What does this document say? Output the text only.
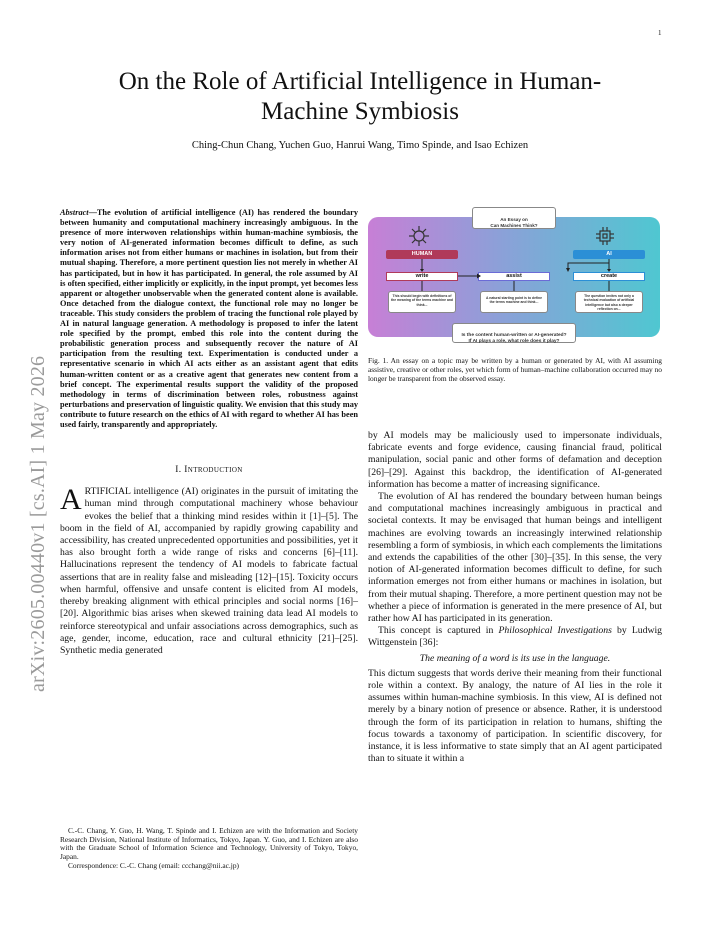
1
arXiv:2605.00440v1 [cs.AI] 1 May 2026
On the Role of Artificial Intelligence in Human-Machine Symbiosis
Ching-Chun Chang, Yuchen Guo, Hanrui Wang, Timo Spinde, and Isao Echizen
Abstract—The evolution of artificial intelligence (AI) has rendered the boundary between humanity and computational machinery increasingly ambiguous. In the presence of more interwoven relationships within human-machine symbiosis, the very notion of AI-generated information becomes difficult to define, as such information arises not from either humans or machines in isolation, but from their mutual shaping. Therefore, a more pertinent question lies not merely in whether AI has participated, but in how it has participated. In general, the role assumed by AI is often specified, either implicitly or explicitly, in the input prompt, yet becomes less apparent or altogether unobservable when the generated content alone is available. Once detached from the dialogue context, the functional role may no longer be traceable. This study considers the problem of tracing the functional role played by AI in natural language generation. A methodology is proposed to infer the latent role specified by the prompt, embed this role into the content during the probabilistic generation process and subsequently recover the nature of AI participation from the resulting text. Experimentation is conducted under a representative scenario in which AI acts either as an assistant agent that edits human-written content or as a creative agent that generates new content from a brief concept. The experimental results support the validity of the proposed methodology in terms of discrimination between roles, robustness against perturbations and preservation of linguistic quality. We envision that this study may contribute to future research on the ethics of AI with regard to whether AI has been used fairly, transparently and appropriately.
I. Introduction

ARTIFICIAL intelligence (AI) originates in the pursuit of imitating the human mind through computational machinery whose behaviour evokes the belief that a thinking mind resides within it [1]–[5]. The boom in the field of AI, accompanied by rapidly growing capability and accessibility, has created unprecedented opportunities and possibilities, yet it has also brought forth a wide range of risks and concerns [6]–[11]. Hallucinations represent the tendency of AI models to fabricate factual assertions that are in reality false and misleading [12]–[15]. Toxicity occurs when harmful, offensive and unsafe content is elicited from AI models, thereby breaking alignment with ethical principles and social norms [16]–[20]. Algorithmic bias arises when skewed training data lead AI models to reinforce stereotypical and unfair associations across demographics, such as age, gender, income, education, race and cultural ethnicity [21]–[25]. Synthetic media generated

C.-C. Chang, Y. Guo, H. Wang, T. Spinde and I. Echizen are with the Information and Society Research Division, National Institute of Informatics, Tokyo, Japan. Y. Guo, and I. Echizen are also with the Graduate School of Information Science and Technology, University of Tokyo, Tokyo, Japan.

Correspondence: C.-C. Chang (email: ccchang@nii.ac.jp)

An Essay on
Can Machines Think?

HUMAN	AI
write	assist	create
This should begin with definitions of the meaning of the terms machine and think...
A natural starting point is to define the terms machine and think...
The question invites not only a technical evaluation of artificial intelligence but also a deeper reflection on...

Is the content human-written or AI-generated?
If AI plays a role, what role does it play?

Fig. 1. An essay on a topic may be written by a human or generated by AI, with AI assuming assistive, creative or other roles, yet which form of human–machine collaboration occurred may no longer be transparent from the observed essay.

by AI models may be maliciously used to impersonate individuals, fabricate events and forge evidence, causing financial fraud, political manipulation, social panic and other forms of defamation and deception [26]–[29]. Against this backdrop, the identification of AI-generated information has become a matter of increasing significance.

The evolution of AI has rendered the boundary between human beings and computational machines increasingly ambiguous in practical and societal contexts. It may be envisaged that human beings and intelligent machines are evolving towards an increasingly interwined relationship resembling a form of symbiosis, in which each complements the limitations and extends the capabilities of the other [30]–[35]. In this sense, the very notion of AI-generated information becomes difficult to define, for such information emerges not from either humans or machines in isolation, but from their mutual shaping. Therefore, a more pertinent question may not be whether a piece of information is generated in the mere presence of AI, but rather how AI has participated in its generation.

This concept is captured in Philosophical Investigations by Ludwig Wittgenstein [36]:

The meaning of a word is its use in the language.

This dictum suggests that words derive their meaning from their functional role within a context. By analogy, the nature of AI lies in the role it assumes within human-machine symbiosis. In this view, AI is defined not merely by a binary notion of presence or absence. Rather, it is understood through the form of its participation in relation to humans, shifting the focus towards a taxonomy of participation. In scientific discovery, for instance, it is less informative to state simply that an AI agent participated than to situate it within a
